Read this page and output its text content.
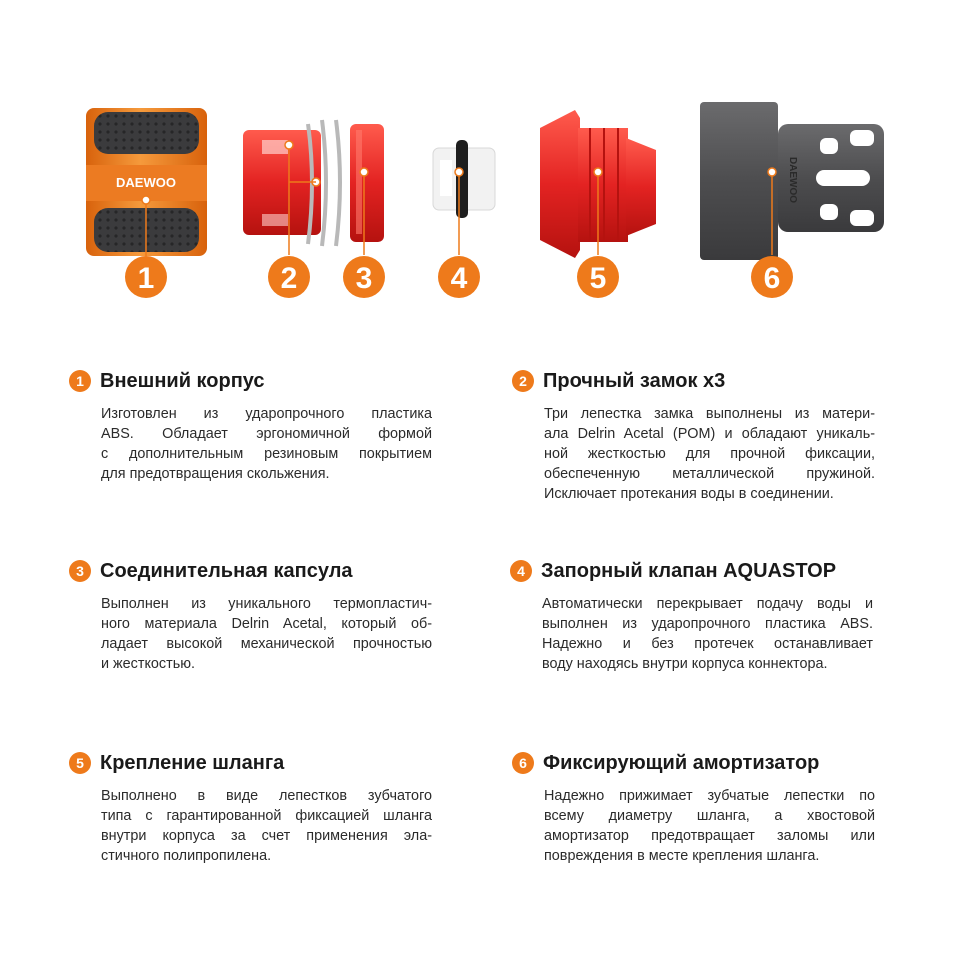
DAEWOO	DAEWOO
1	2 3	4	5	6
1 Внешний корпус
Изготовлен из ударопрочного пластика
ABS. Обладает эргономичной формой
с дополнительным резиновым покрытием
для предотвращения скольжения.
2 Прочный замок х3
Три лепестка замка выполнены из матери-
ала Delrin Acetal (POM) и обладают уникаль-
ной жесткостью для прочной фиксации,
обеспеченную металлической пружиной.
Исключает протекания воды в соединении.
3 Соединительная капсула
Выполнен из уникального термопластич-
ного материала Delrin Acetal, который об-
ладает высокой механической прочностью
и жесткостью.
4 Запорный клапан AQUASTOP
Автоматически перекрывает подачу воды и
выполнен из ударопрочного пластика ABS.
Надежно и без протечек останавливает
воду находясь внутри корпуса коннектора.
5 Крепление шланга
Выполнено в виде лепестков зубчатого
типа с гарантированной фиксацией шланга
внутри корпуса за счет применения эла-
стичного полипропилена.
6 Фиксирующий амортизатор
Надежно прижимает зубчатые лепестки по
всему диаметру шланга, а хвостовой
амортизатор предотвращает заломы или
повреждения в месте крепления шланга.
